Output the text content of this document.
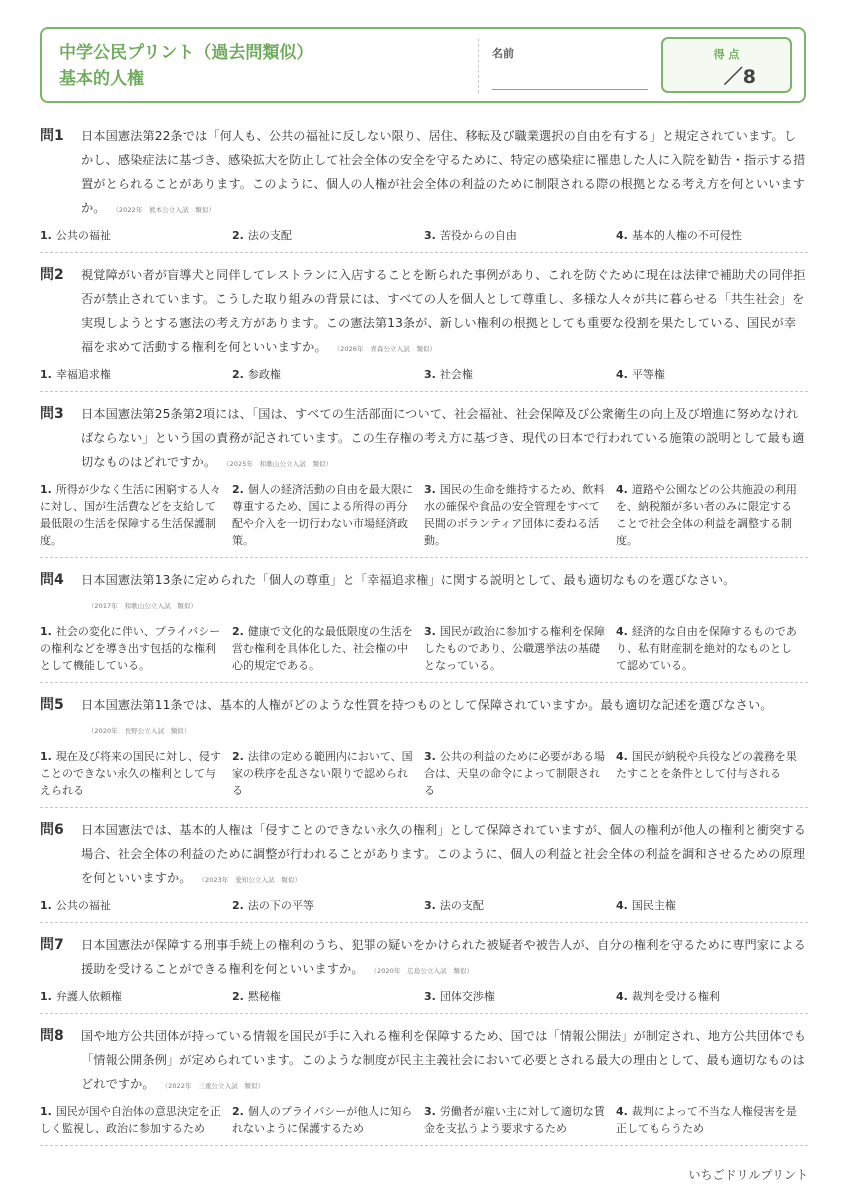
中学公民プリント（過去問類似）
基本的人権
名前	得 点
／8
問1	日本国憲法第22条では「何人も、公共の福祉に反しない限り、居住、移転及び職業選択の自由を有する」と規定されています。しかし、感染症法に基づき、感染拡大を防止して社会全体の安全を守るために、特定の感染症に罹患した人に入院を勧告・指示する措置がとられることがあります。このように、個人の人権が社会全体の利益のために制限される際の根拠となる考え方を何といいますか。 （2022年　熊本公立入試　類似）
1. 公共の福祉	2. 法の支配	3. 苦役からの自由	4. 基本的人権の不可侵性
問2	視覚障がい者が盲導犬と同伴してレストランに入店することを断られた事例があり、これを防ぐために現在は法律で補助犬の同伴拒否が禁止されています。こうした取り組みの背景には、すべての人を個人として尊重し、多様な人々が共に暮らせる「共生社会」を実現しようとする憲法の考え方があります。この憲法第13条が、新しい権利の根拠としても重要な役割を果たしている、国民が幸福を求めて活動する権利を何といいますか。 （2026年　青森公立入試　類似）
1. 幸福追求権	2. 参政権	3. 社会権	4. 平等権
問3	日本国憲法第25条第2項には、「国は、すべての生活部面について、社会福祉、社会保障及び公衆衛生の向上及び増進に努めなければならない」という国の責務が記されています。この生存権の考え方に基づき、現代の日本で行われている施策の説明として最も適切なものはどれですか。 （2025年　和歌山公立入試　類似）
1. 所得が少なく生活に困窮する人々に対し、国が生活費などを支給して最低限の生活を保障する生活保護制度。
2. 個人の経済活動の自由を最大限に尊重するため、国による所得の再分配や介入を一切行わない市場経済政策。
3. 国民の生命を維持するため、飲料水の確保や食品の安全管理をすべて民間のボランティア団体に委ねる活動。
4. 道路や公園などの公共施設の利用を、納税額が多い者のみに限定することで社会全体の利益を調整する制度。
問4	日本国憲法第13条に定められた「個人の尊重」と「幸福追求権」に関する説明として、最も適切なものを選びなさい。（2017年　和歌山公立入試　類似）
1. 社会の変化に伴い、プライバシーの権利などを導き出す包括的な権利として機能している。
2. 健康で文化的な最低限度の生活を営む権利を具体化した、社会権の中心的規定である。
3. 国民が政治に参加する権利を保障したものであり、公職選挙法の基礎となっている。
4. 経済的な自由を保障するものであり、私有財産制を絶対的なものとして認めている。
問5	日本国憲法第11条では、基本的人権がどのような性質を持つものとして保障されていますか。最も適切な記述を選びなさい。（2020年　長野公立入試　類似）
1. 現在及び将来の国民に対し、侵すことのできない永久の権利として与えられる
2. 法律の定める範囲内において、国家の秩序を乱さない限りで認められる
3. 公共の利益のために必要がある場合は、天皇の命令によって制限される
4. 国民が納税や兵役などの義務を果たすことを条件として付与される
問6	日本国憲法では、基本的人権は「侵すことのできない永久の権利」として保障されていますが、個人の権利が他人の権利と衝突する場合、社会全体の利益のために調整が行われることがあります。このように、個人の利益と社会全体の利益を調和させるための原理を何といいますか。 （2023年　愛知公立入試　類似）
1. 公共の福祉	2. 法の下の平等	3. 法の支配	4. 国民主権
問7	日本国憲法が保障する刑事手続上の権利のうち、犯罪の疑いをかけられた被疑者や被告人が、自分の権利を守るために専門家による援助を受けることができる権利を何といいますか。 （2020年　広島公立入試　類似）
1. 弁護人依頼権	2. 黙秘権	3. 団体交渉権	4. 裁判を受ける権利
問8	国や地方公共団体が持っている情報を国民が手に入れる権利を保障するため、国では「情報公開法」が制定され、地方公共団体でも「情報公開条例」が定められています。このような制度が民主主義社会において必要とされる最大の理由として、最も適切なものはどれですか。 （2022年　三重公立入試　類似）
1. 国民が国や自治体の意思決定を正しく監視し、政治に参加するため
2. 個人のプライバシーが他人に知られないように保護するため
3. 労働者が雇い主に対して適切な賃金を支払うよう要求するため
4. 裁判によって不当な人権侵害を是正してもらうため
いちごドリルプリント
